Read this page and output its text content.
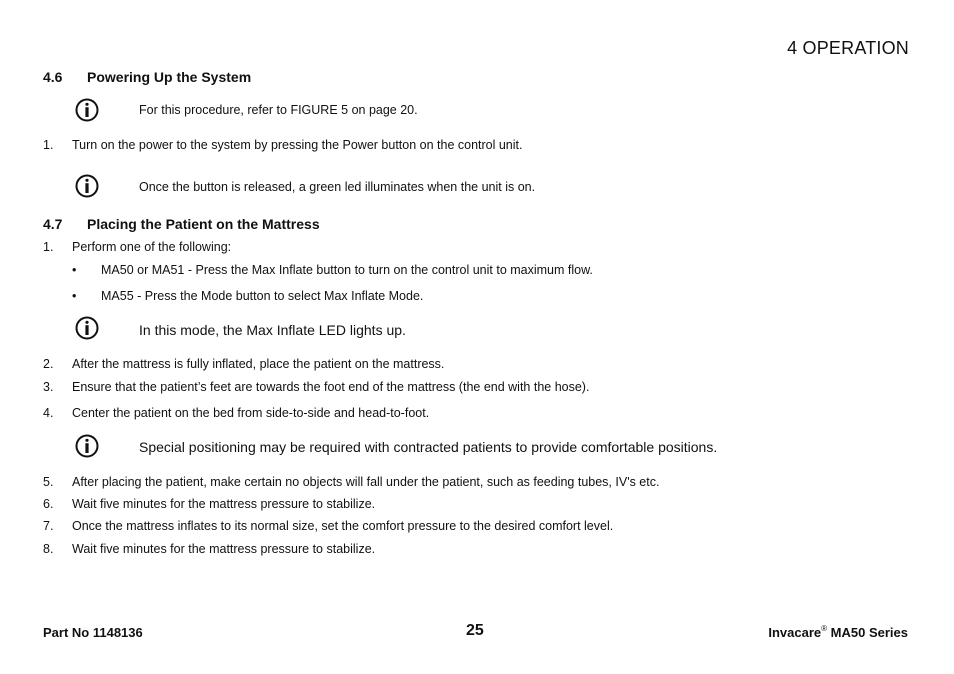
4 OPERATION
4.6 Powering Up the System
For this procedure, refer to FIGURE 5 on page 20.
1. Turn on the power to the system by pressing the Power button on the control unit.
Once the button is released, a green led illuminates when the unit is on.
4.7 Placing the Patient on the Mattress
1. Perform one of the following:
• MA50 or MA51 - Press the Max Inflate button to turn on the control unit to maximum flow.
• MA55 - Press the Mode button to select Max Inflate Mode.
In this mode, the Max Inflate LED lights up.
2. After the mattress is fully inflated, place the patient on the mattress.
3. Ensure that the patient’s feet are towards the foot end of the mattress (the end with the hose).
4. Center the patient on the bed from side-to-side and head-to-foot.
Special positioning may be required with contracted patients to provide comfortable positions.
5. After placing the patient, make certain no objects will fall under the patient, such as feeding tubes, IV's etc.
6. Wait five minutes for the mattress pressure to stabilize.
7. Once the mattress inflates to its normal size, set the comfort pressure to the desired comfort level.
8. Wait five minutes for the mattress pressure to stabilize.
Part No 1148136	25	Invacare® MA50 Series
